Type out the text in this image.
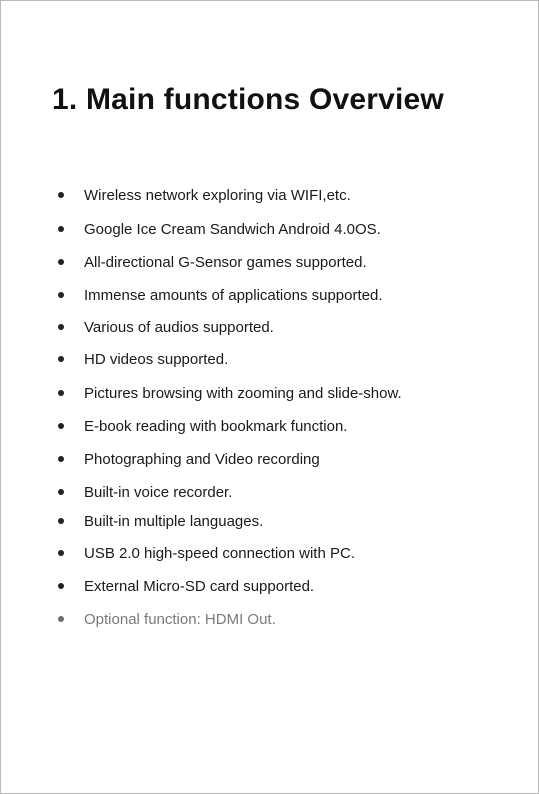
1. Main functions Overview
Wireless network exploring via WIFI,etc.
Google Ice Cream Sandwich Android 4.0OS.
All-directional G-Sensor games supported.
Immense amounts of applications supported.
Various of audios supported.
HD videos supported.
Pictures browsing with zooming and slide-show.
E-book reading with bookmark function.
Photographing and Video recording
Built-in voice recorder.
Built-in multiple languages.
USB 2.0 high-speed connection with PC.
External Micro-SD card supported.
Optional function: HDMI Out.
